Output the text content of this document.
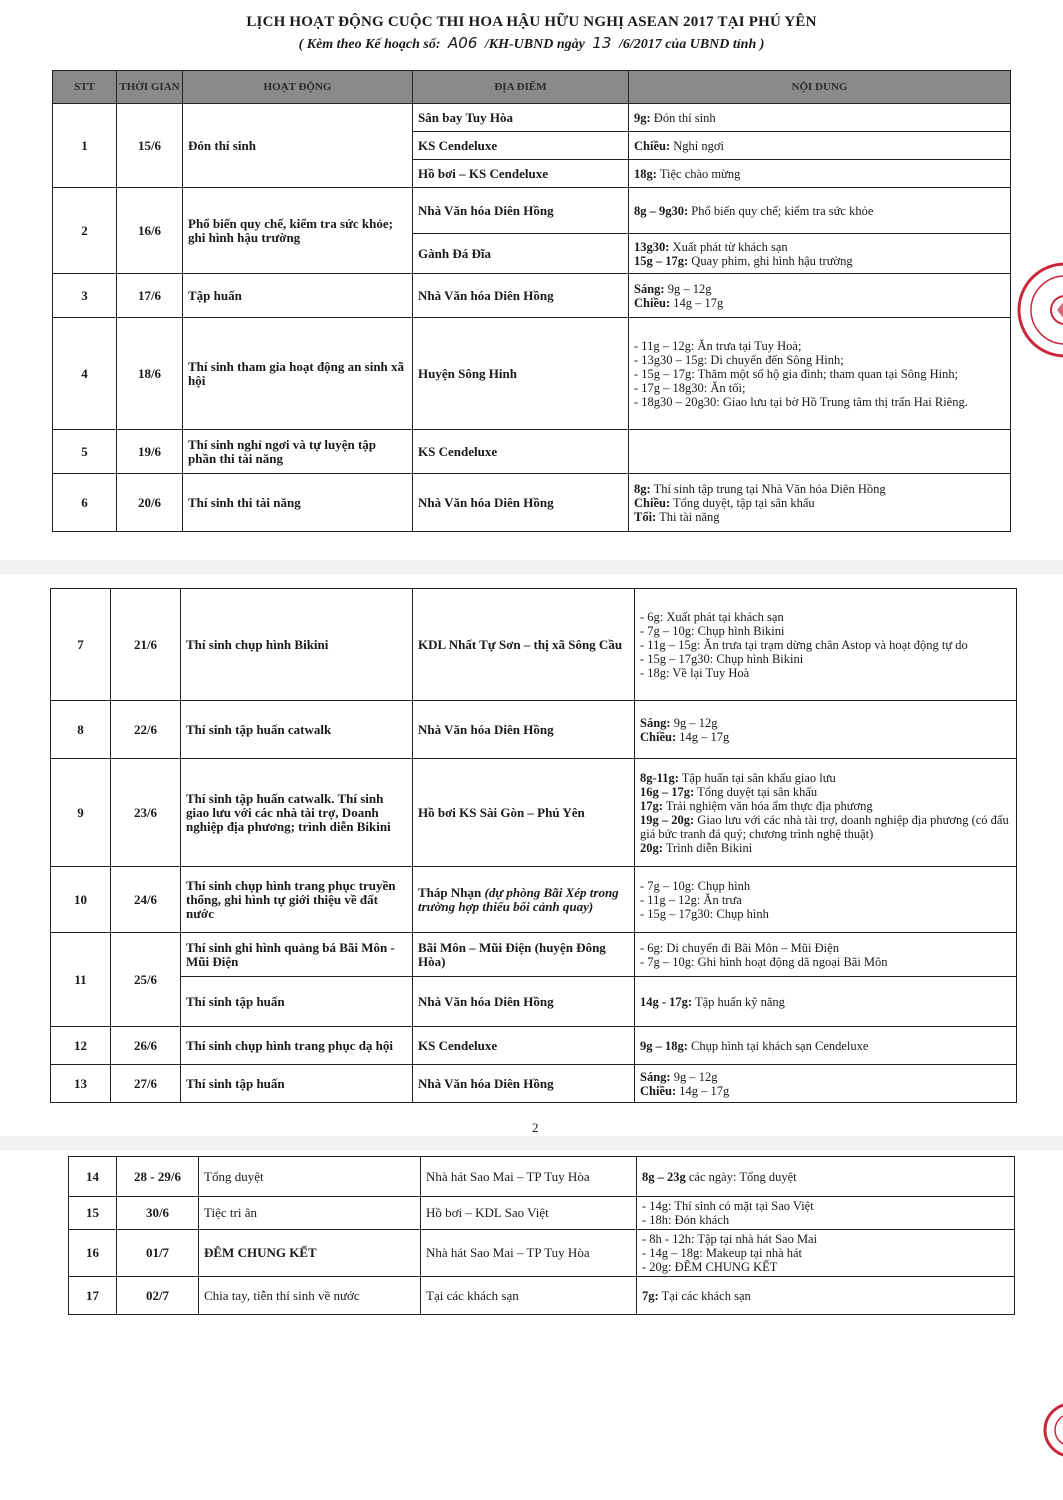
LỊCH HOẠT ĐỘNG CUỘC THI HOA HẬU HỮU NGHỊ ASEAN 2017 TẠI PHÚ YÊN
( Kèm theo Kế hoạch số: A06 /KH-UBND ngày 13 /6/2017 của UBND tỉnh )
STT	THỜI GIAN	HOẠT ĐỘNG	ĐỊA ĐIỂM	NỘI DUNG
1	15/6	Đón thí sinh	Sân bay Tuy Hòa	9g: Đón thí sinh
			KS Cendeluxe	Chiều: Nghỉ ngơi
			Hồ bơi – KS Cendeluxe	18g: Tiệc chào mừng
2	16/6	Phổ biến quy chế, kiểm tra sức khỏe; ghi hình hậu trường	Nhà Văn hóa Diên Hồng	8g – 9g30: Phổ biến quy chế; kiểm tra sức khỏe
			Gành Đá Đĩa	13g30: Xuất phát từ khách sạn
15g – 17g: Quay phim, ghi hình hậu trường

3	17/6	Tập huấn	Nhà Văn hóa Diên Hồng	Sáng: 9g – 12g
Chiều: 14g – 17g

4	18/6	Thí sinh tham gia hoạt động an sinh xã hội	Huyện Sông Hinh	- 11g – 12g: Ăn trưa tại Tuy Hoà;
- 13g30 – 15g: Di chuyển đến Sông Hinh;
- 15g – 17g: Thăm một số hộ gia đình; tham quan tại Sông Hinh;
- 17g – 18g30: Ăn tối;
- 18g30 – 20g30: Giao lưu tại bờ Hồ Trung tâm thị trấn Hai Riêng.

5	19/6	Thí sinh nghỉ ngơi và tự luyện tập phần thi tài năng	KS Cendeluxe	
6	20/6	Thí sinh thi tài năng	Nhà Văn hóa Diên Hồng	8g: Thí sinh tập trung tại Nhà Văn hóa Diên Hồng
Chiều: Tổng duyệt, tập tại sân khấu
Tối: Thi tài năng
7	21/6	Thí sinh chụp hình Bikini	KDL Nhất Tự Sơn – thị xã Sông Cầu	- 6g: Xuất phát tại khách sạn
- 7g – 10g: Chụp hình Bikini
- 11g – 15g: Ăn trưa tại trạm dừng chân Astop và hoạt động tự do
- 15g – 17g30: Chụp hình Bikini
- 18g: Về lại Tuy Hoà

8	22/6	Thí sinh tập huấn catwalk	Nhà Văn hóa Diên Hồng	Sáng: 9g – 12g
Chiều: 14g – 17g

9	23/6	Thí sinh tập huấn catwalk. Thí sinh giao lưu với các nhà tài trợ, Doanh nghiệp địa phương; trình diễn Bikini	Hồ bơi KS Sài Gòn – Phú Yên	8g-11g: Tập huấn tại sân khấu giao lưu
16g – 17g: Tổng duyệt tại sân khấu
17g: Trải nghiệm văn hóa ẩm thực địa phương
19g – 20g: Giao lưu với các nhà tài trợ, doanh nghiệp địa phương (có đấu giá bức tranh đá quý; chương trình nghệ thuật)
20g: Trình diễn Bikini

10	24/6	Thí sinh chụp hình trang phục truyền thống, ghi hình tự giới thiệu về đất nước	Tháp Nhạn (dự phòng Bãi Xép trong trường hợp thiếu bối cảnh quay)	- 7g – 10g: Chụp hình
- 11g – 12g: Ăn trưa
- 15g – 17g30: Chụp hình

11	25/6	Thí sinh ghi hình quảng bá Bãi Môn - Mũi Điện	Bãi Môn – Mũi Điện (huyện Đông Hòa)	- 6g: Di chuyển đi Bãi Môn – Mũi Điện
- 7g – 10g: Ghi hình hoạt động dã ngoại Bãi Môn

		Thí sinh tập huấn	Nhà Văn hóa Diên Hồng	14g - 17g: Tập huấn kỹ năng
12	26/6	Thí sinh chụp hình trang phục dạ hội	KS Cendeluxe	9g – 18g: Chụp hình tại khách sạn Cendeluxe
13	27/6	Thí sinh tập huấn	Nhà Văn hóa Diên Hồng	Sáng: 9g – 12g
Chiều: 14g – 17g
2
14	28 - 29/6	Tổng duyệt	Nhà hát Sao Mai – TP Tuy Hòa	8g – 23g các ngày: Tổng duyệt
15	30/6	Tiệc tri ân	Hồ bơi – KDL Sao Việt	- 14g: Thí sinh có mặt tại Sao Việt
- 18h: Đón khách

16	01/7	ĐÊM CHUNG KẾT	Nhà hát Sao Mai – TP Tuy Hòa	- 8h - 12h: Tập tại nhà hát Sao Mai
- 14g – 18g: Makeup tại nhà hát
- 20g: ĐÊM CHUNG KẾT

17	02/7	Chia tay, tiễn thí sinh về nước	Tại các khách sạn	7g: Tại các khách sạn
